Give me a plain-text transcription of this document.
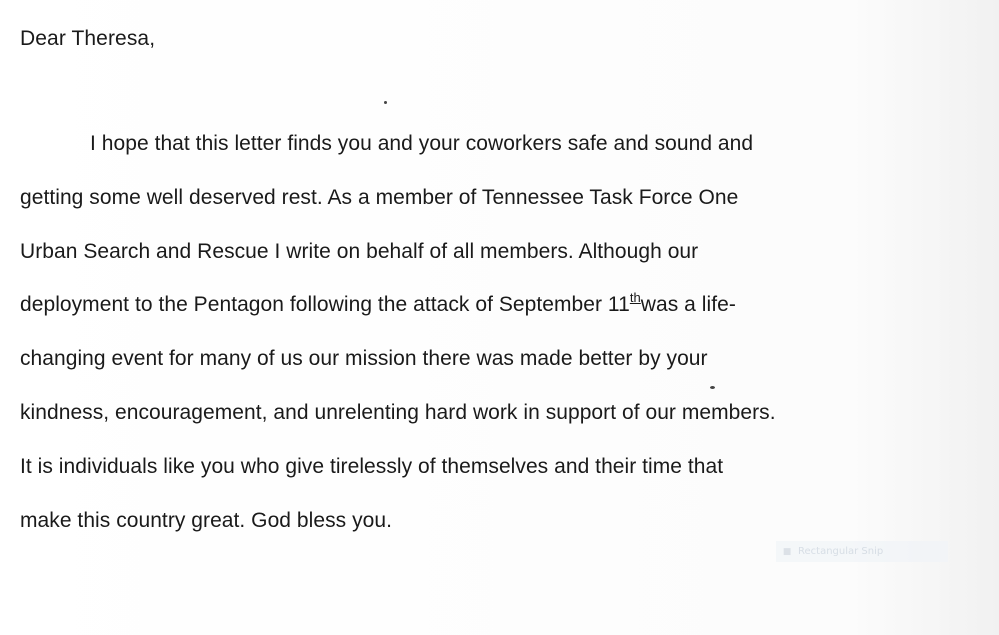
Dear Theresa,
I hope that this letter finds you and your coworkers safe and sound and
getting some well deserved rest. As a member of Tennessee Task Force One
Urban Search and Rescue I write on behalf of all members. Although our
deployment to the Pentagon following the attack of September 11thwas a life-
changing event for many of us our mission there was made better by your
kindness, encouragement, and unrelenting hard work in support of our members.
It is individuals like you who give tirelessly of themselves and their time that
make this country great. God bless you.
■ Rectangular Snip
